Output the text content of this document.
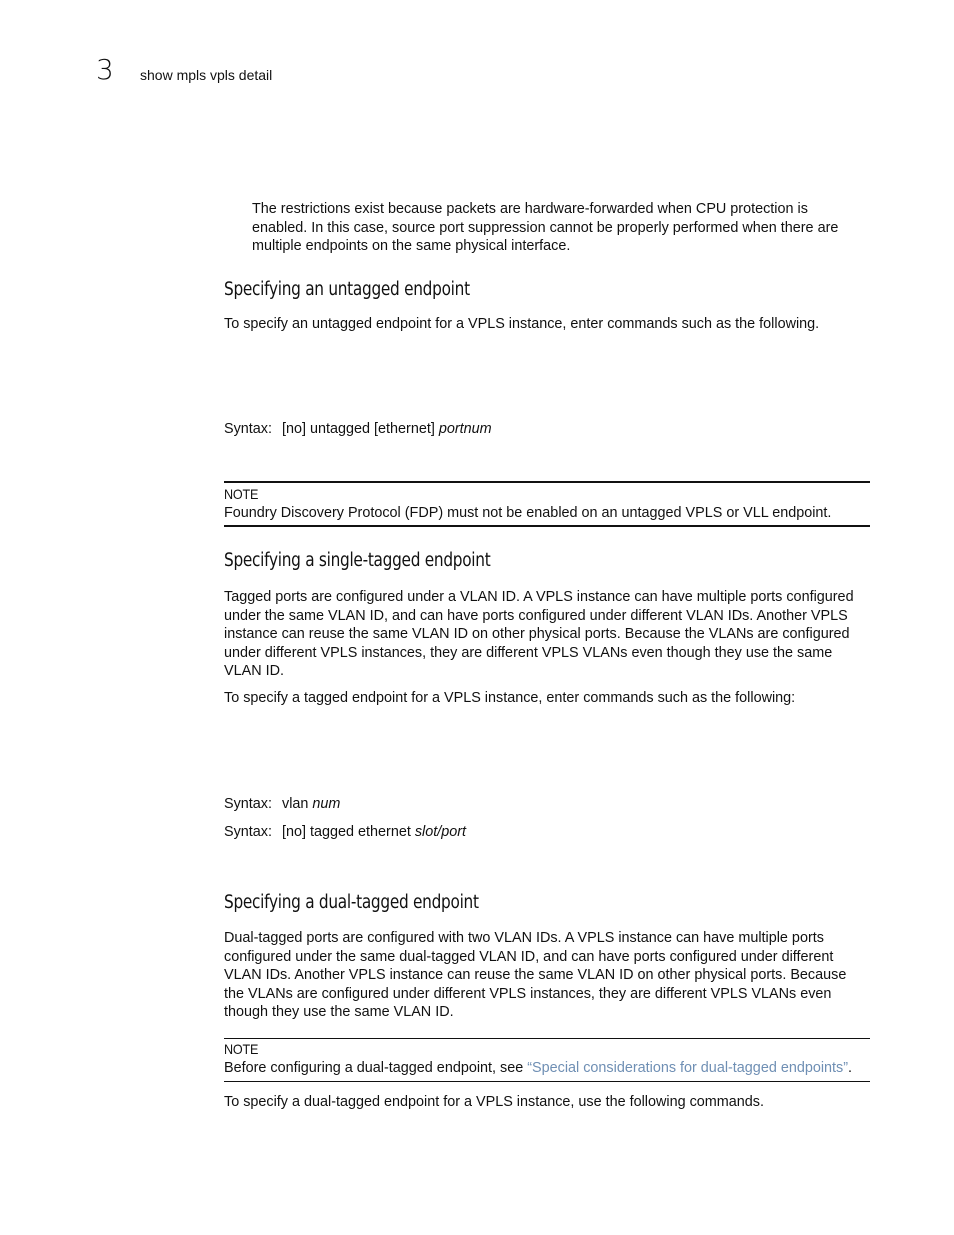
3 show mpls vpls detail
The restrictions exist because packets are hardware-forwarded when CPU protection is enabled. In this case, source port suppression cannot be properly performed when there are multiple endpoints on the same physical interface.
Specifying an untagged endpoint
To specify an untagged endpoint for a VPLS instance, enter commands such as the following.
Syntax: [no] untagged [ethernet] portnum
NOTE
Foundry Discovery Protocol (FDP) must not be enabled on an untagged VPLS or VLL endpoint.
Specifying a single-tagged endpoint
Tagged ports are configured under a VLAN ID. A VPLS instance can have multiple ports configured under the same VLAN ID, and can have ports configured under different VLAN IDs. Another VPLS instance can reuse the same VLAN ID on other physical ports. Because the VLANs are configured under different VPLS instances, they are different VPLS VLANs even though they use the same VLAN ID.
To specify a tagged endpoint for a VPLS instance, enter commands such as the following:
Syntax: vlan num
Syntax: [no] tagged ethernet slot/port
Specifying a dual-tagged endpoint
Dual-tagged ports are configured with two VLAN IDs. A VPLS instance can have multiple ports configured under the same dual-tagged VLAN ID, and can have ports configured under different VLAN IDs. Another VPLS instance can reuse the same VLAN ID on other physical ports. Because the VLANs are configured under different VPLS instances, they are different VPLS VLANs even though they use the same VLAN ID.
NOTE
Before configuring a dual-tagged endpoint, see “Special considerations for dual-tagged endpoints”.
To specify a dual-tagged endpoint for a VPLS instance, use the following commands.
